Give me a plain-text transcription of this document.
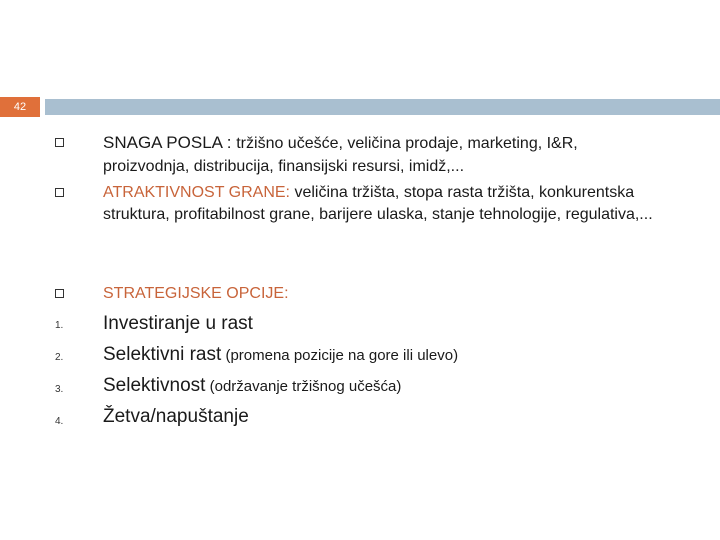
42
SNAGA POSLA : tržišno učešće, veličina prodaje, marketing, I&R,
proizvodnja, distribucija, finansijski resursi, imidž,...
ATRAKTIVNOST GRANE: veličina tržišta, stopa rasta tržišta, konkurentska struktura, profitabilnost grane, barijere ulaska, stanje tehnologije, regulativa,...
STRATEGIJSKE OPCIJE:
1. Investiranje u rast
2. Selektivni rast (promena pozicije na gore ili ulevo)
3. Selektivnost (održavanje tržišnog učešća)
4. Žetva/napuštanje
